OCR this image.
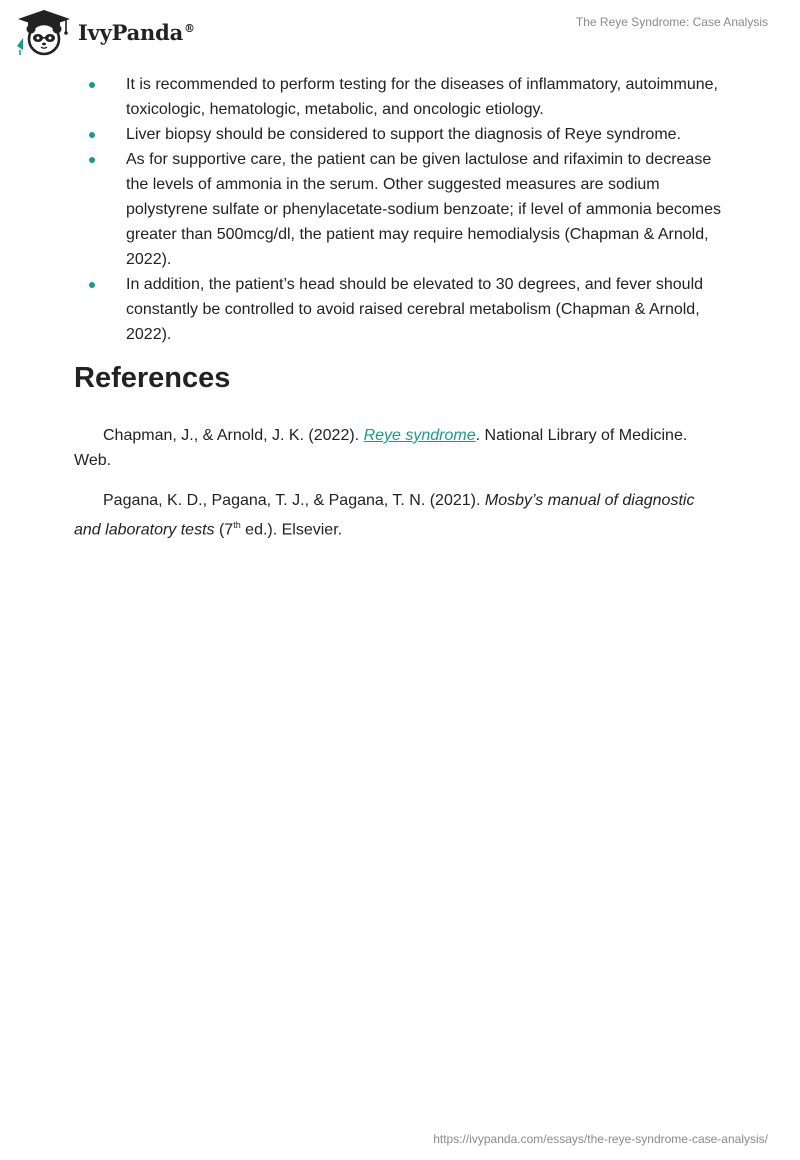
IvyPanda®	The Reye Syndrome: Case Analysis
It is recommended to perform testing for the diseases of inflammatory, autoimmune, toxicologic, hematologic, metabolic, and oncologic etiology.
Liver biopsy should be considered to support the diagnosis of Reye syndrome.
As for supportive care, the patient can be given lactulose and rifaximin to decrease the levels of ammonia in the serum. Other suggested measures are sodium polystyrene sulfate or phenylacetate-sodium benzoate; if level of ammonia becomes greater than 500mcg/dl, the patient may require hemodialysis (Chapman & Arnold, 2022).
In addition, the patient’s head should be elevated to 30 degrees, and fever should constantly be controlled to avoid raised cerebral metabolism (Chapman & Arnold, 2022).
References

Chapman, J., & Arnold, J. K. (2022). Reye syndrome. National Library of Medicine. Web.

Pagana, K. D., Pagana, T. J., & Pagana, T. N. (2021). Mosby’s manual of diagnostic and laboratory tests (7th ed.). Elsevier.

https://ivypanda.com/essays/the-reye-syndrome-case-analysis/
